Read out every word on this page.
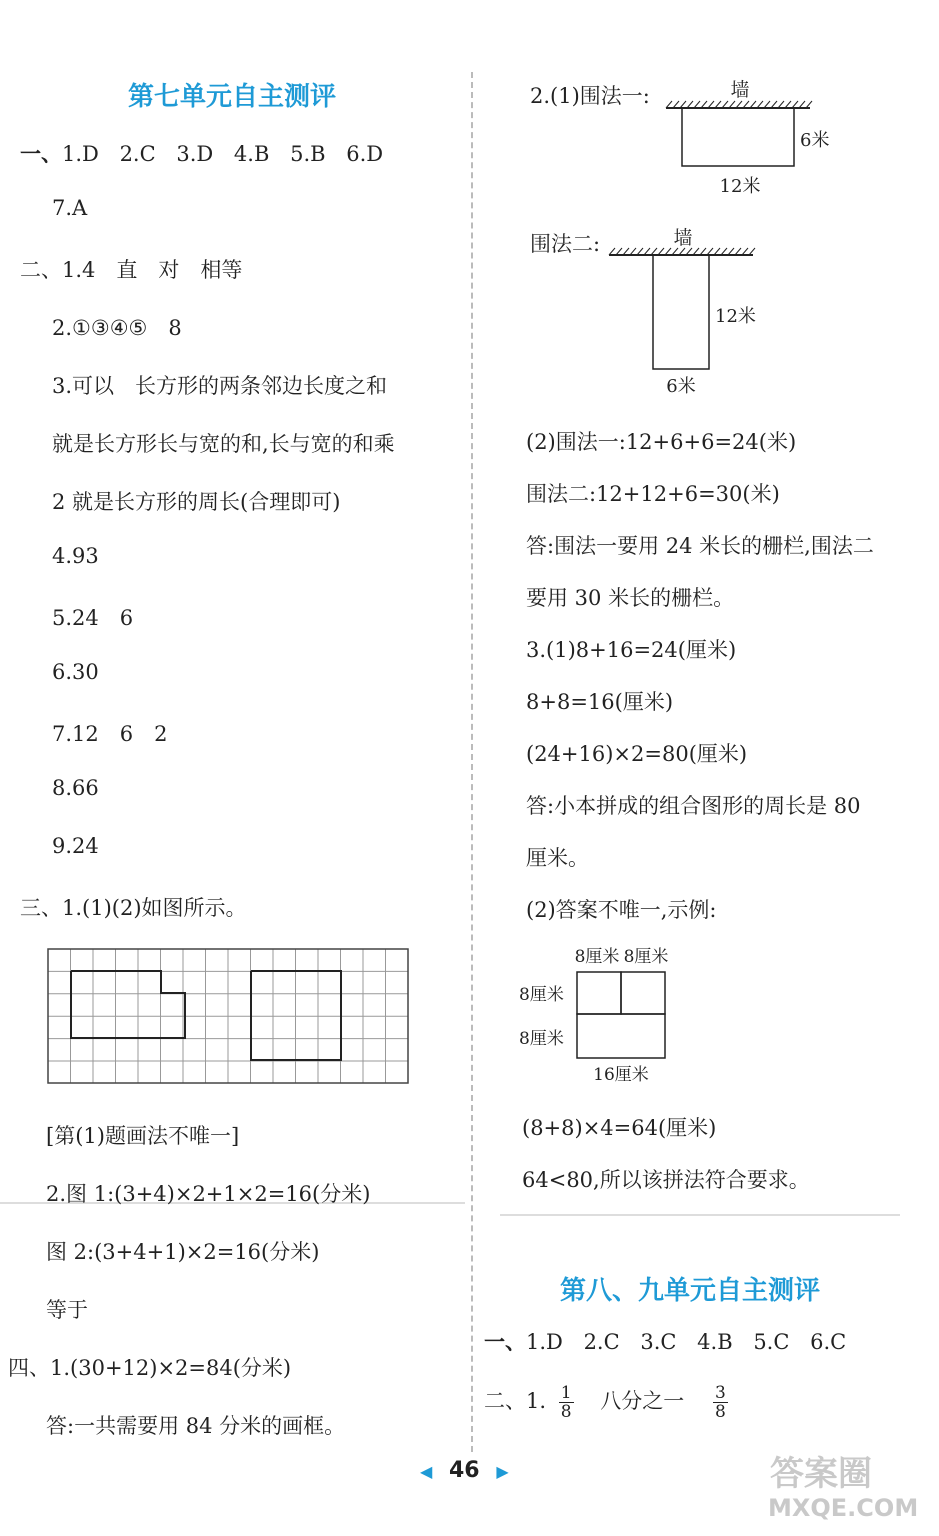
第七单元自主测评
一、1.D 2.C 3.D 4.B 5.B 6.D
7.A
二、1.4　直　对　相等
2.①③④⑤　8
3.可以　长方形的两条邻边长度之和
就是长方形长与宽的和,长与宽的和乘
2 就是长方形的周长(合理即可)
4.93
5.24　6
6.30
7.12　6　2
8.66
9.24
三、1.(1)(2)如图所示。
[第(1)题画法不唯一]
2.图 1:(3+4)×2+1×2=16(分米)
图 2:(3+4+1)×2=16(分米)
等于
四、1.(30+12)×2=84(分米)
答:一共需要用 84 分米的画框。
2.(1)围法一:	墙
6米
12米
围法二:	墙
12米
6米
(2)围法一:12+6+6=24(米)
围法二:12+12+6=30(米)
答:围法一要用 24 米长的栅栏,围法二
要用 30 米长的栅栏。
3.(1)8+16=24(厘米)
8+8=16(厘米)
(24+16)×2=80(厘米)
答:小本拼成的组合图形的周长是 80
厘米。
(2)答案不唯一,示例:
8厘米 8厘米
8厘米
8厘米
16厘米
(8+8)×4=64(厘米)
64<80,所以该拼法符合要求。
第八、九单元自主测评
一、1.D 2.C 3.C 4.B 5.C 6.C
二、1. $\frac{1}{8}$ 八分之一 $\frac{3}{8}$
◀ 46 ▶	答案圈
MXQE.COM
